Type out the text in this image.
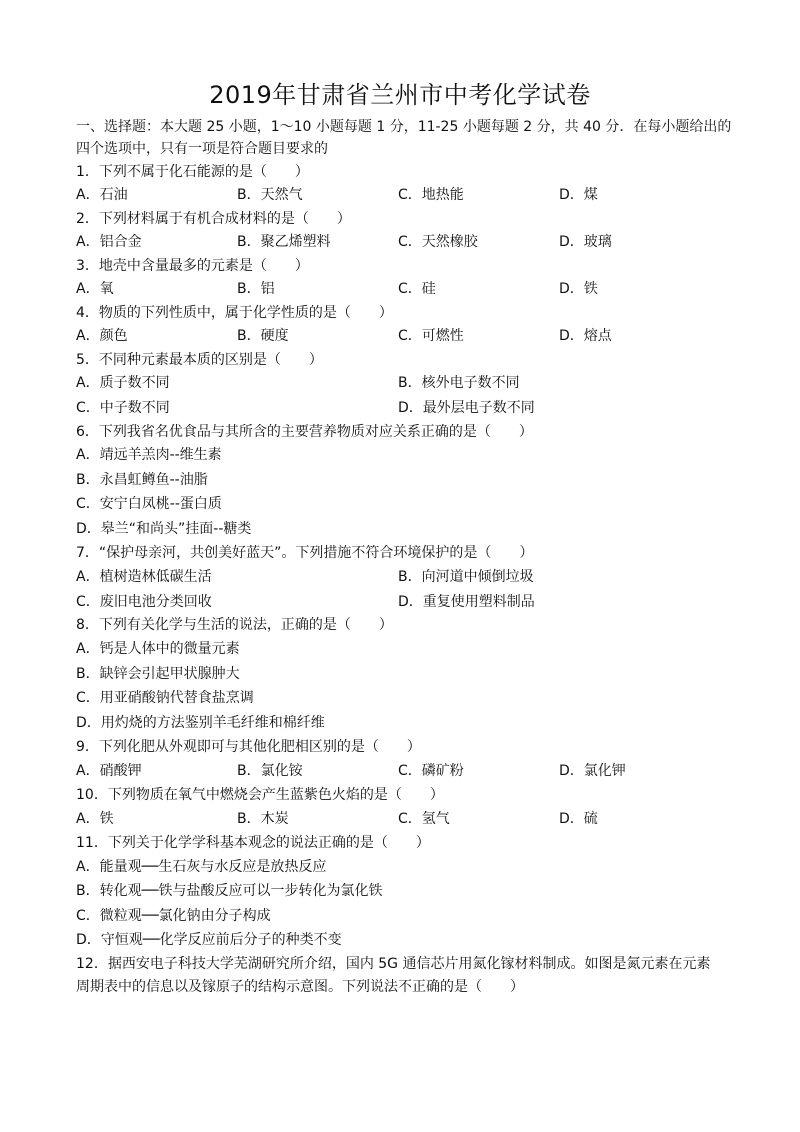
2019年甘肃省兰州市中考化学试卷
一、选择题：本大题 25 小题，1～10 小题每题 1 分，11-25 小题每题 2 分，共 40 分．在每小题给出的
四个选项中，只有一项是符合题目要求的
1．下列不属于化石能源的是（　　）
A．石油	B．天然气	C．地热能	D．煤
2．下列材料属于有机合成材料的是（　　）
A．铝合金	B．聚乙烯塑料	C．天然橡胶	D．玻璃
3．地壳中含量最多的元素是（　　）
A．氧	B．铝	C．硅	D．铁
4．物质的下列性质中，属于化学性质的是（　　）
A．颜色	B．硬度	C．可燃性	D．熔点
5．不同种元素最本质的区别是（　　）
A．质子数不同	B．核外电子数不同
C．中子数不同	D．最外层电子数不同
6．下列我省名优食品与其所含的主要营养物质对应关系正确的是（　　）
A．靖远羊羔肉--维生素
B．永昌虹鳟鱼--油脂
C．安宁白凤桃--蛋白质
D．皋兰“和尚头”挂面--糖类
7．“保护母亲河，共创美好蓝天”。下列措施不符合环境保护的是（　　）
A．植树造林低碳生活	B．向河道中倾倒垃圾
C．废旧电池分类回收	D．重复使用塑料制品
8．下列有关化学与生活的说法，正确的是（　　）
A．钙是人体中的微量元素
B．缺锌会引起甲状腺肿大
C．用亚硝酸钠代替食盐烹调
D．用灼烧的方法鉴别羊毛纤维和棉纤维
9．下列化肥从外观即可与其他化肥相区别的是（　　）
A．硝酸钾	B．氯化铵	C．磷矿粉	D．氯化钾
10．下列物质在氧气中燃烧会产生蓝紫色火焰的是（　　）
A．铁	B．木炭	C．氢气	D．硫
11．下列关于化学学科基本观念的说法正确的是（　　）
A．能量观──生石灰与水反应是放热反应
B．转化观──铁与盐酸反应可以一步转化为氯化铁
C．微粒观──氯化钠由分子构成
D．守恒观──化学反应前后分子的种类不变
12．据西安电子科技大学芜湖研究所介绍，国内 5G 通信芯片用氮化镓材料制成。如图是氮元素在元素
周期表中的信息以及镓原子的结构示意图。下列说法不正确的是（　　）
